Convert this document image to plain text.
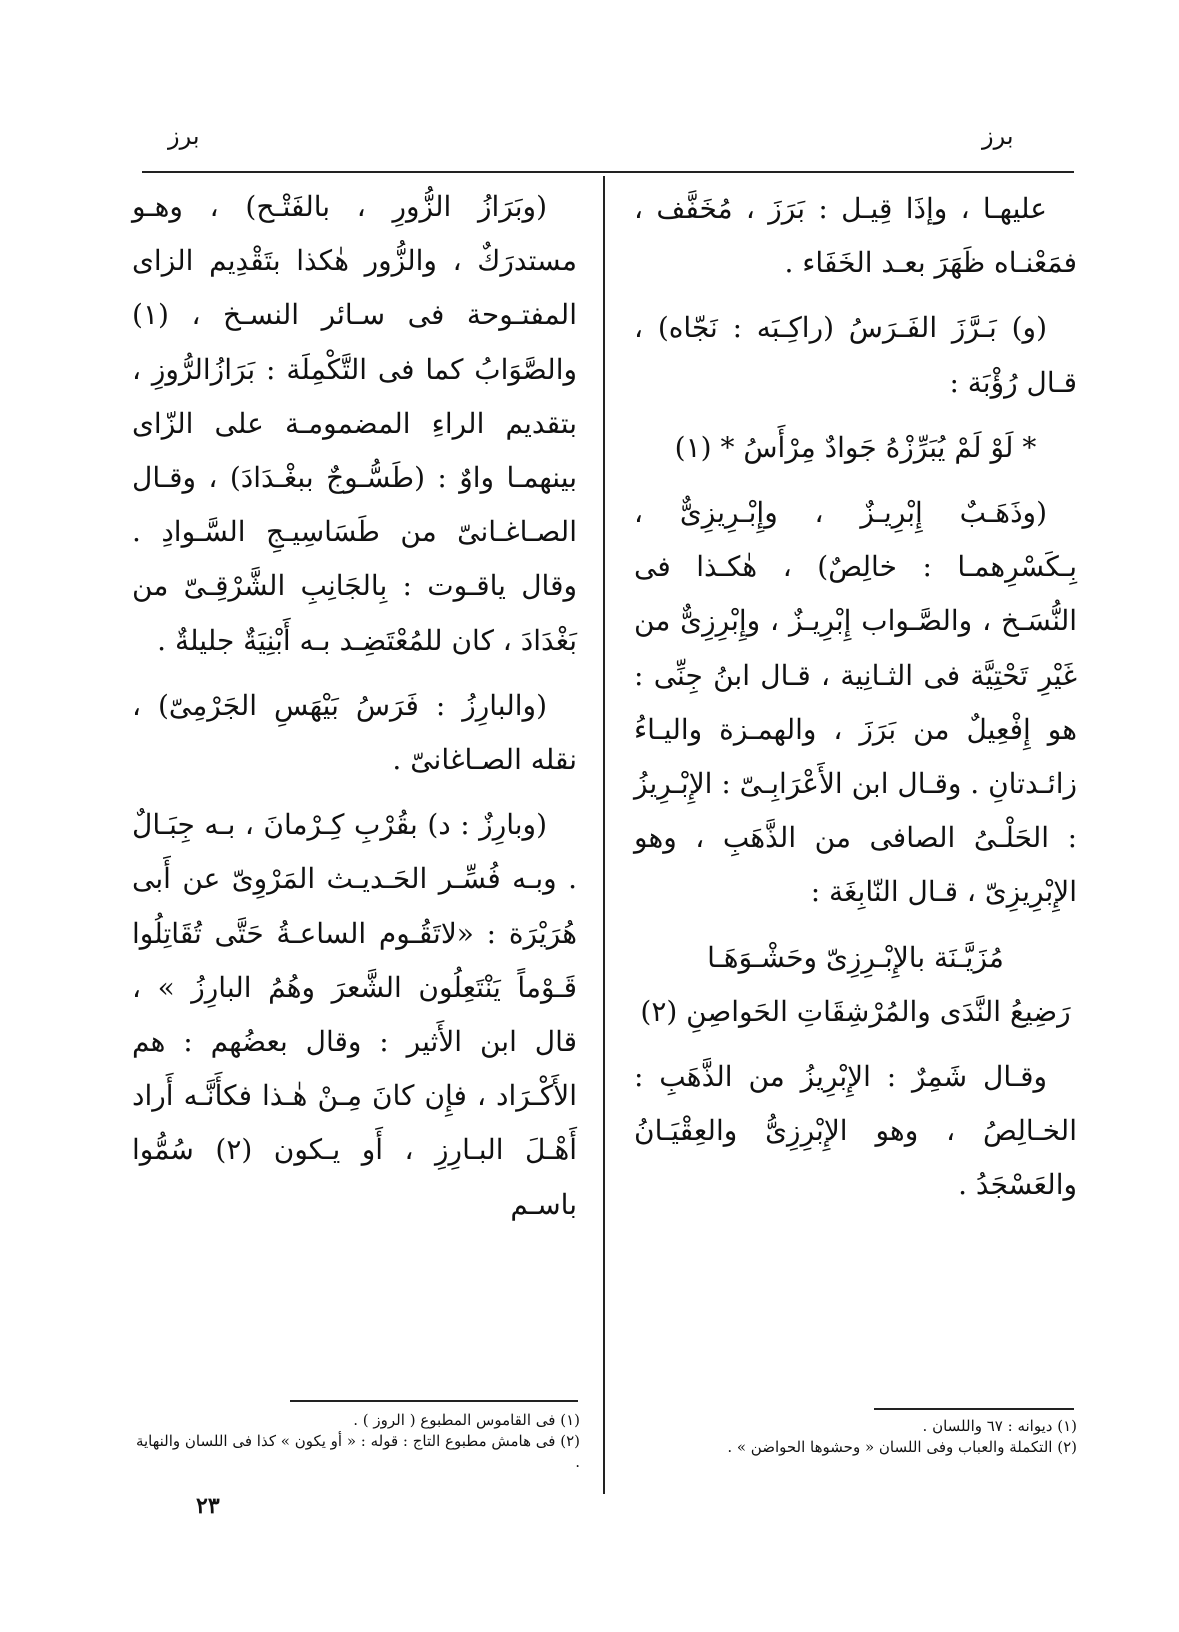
برز	برز

عليهـا ، وإذَا قِيـل : بَرَزَ ، مُخَفَّف ، فمَعْنـاه ظَهَرَ بعـد الخَفَاء .

(و) بَـرَّزَ الفَـرَسُ (راكِـبَه : نَجّاه) ، قـال رُؤْبَة :

* لَوْ لَمْ يُبَرِّزْهُ جَوادٌ مِرْأَسُ * (١)

(وذَهَـبٌ إِبْرِيـزٌ ، وإِبْـرِيزِىٌّ ، بِـكَسْرِهمـا : خالِصٌ) ، هٰكـذا فى النُّسَـخ ، والصَّـواب إِبْرِيـزٌ ، وإِبْرِزِىٌّ من غَيْرِ تَحْتِيَّة فى الثـانِية ، قـال ابنُ جِنِّى : هو إِفْعِيلٌ من بَرَزَ ، والهمـزة واليـاءُ زائـدتانِ . وقـال ابن الأَعْرَابِـىّ : الإِبْـرِيزُ : الحَلْـىُ الصافى من الذَّهَبِ ، وهو الإِبْرِيزِىّ ، قـال النّابِغَة :

مُزَيَّـنَة بالإِبْـرِزِىّ وحَشْـوَهَـا

رَضِيعُ النَّدَى والمُرْشِقَاتِ الحَواصِنِ (٢)

وقـال شَمِرٌ : الإِبْرِيزُ من الذَّهَبِ : الخـالِصُ ، وهو الإِبْرِزِىُّ والعِقْيَـانُ والعَسْجَدُ .

(وبَرَازُ الزُّورِ ، بالفَتْـح) ، وهـو مستدرَكٌ ، والزُّور هٰكذا بتَقْدِيم الزاى المفتـوحة فى سـائر النسـخ ، (١) والصَّوَابُ كما فى التَّكْمِلَة : بَرَازُالرُّوزِ ، بتقديم الراءِ المضمومـة على الزّاى بينهمـا واوٌ : (طَسُّـوجٌ ببغْـدَادَ) ، وقـال الصـاغـانىّ من طَسَاسِيـجِ السَّـوادِ . وقال ياقـوت : بِالجَانِبِ الشَّرْقِـىّ من بَغْدَادَ ، كان للمُعْتَضِـد بـه أَبْنِيَةٌ جليلةٌ .

(والبارِزُ : فَرَسُ بَيْهَسِ الجَرْمِىّ) ، نقله الصـاغانىّ .

(وبارِزٌ : د) بقُرْبِ كِـرْمانَ ، بـه جِبَـالٌ . وبـه فُسِّـر الحَـديـث المَرْوِىّ عن أَبى هُرَيْرَة : «لاتَقُـوم الساعـةُ حَتَّى تُقَاتِلُوا قَـوْماً يَنْتَعِلُون الشَّعرَ وهُمُ البارِزُ » ، قال ابن الأَثير : وقال بعضُهم : هم الأَكْـرَاد ، فإِن كانَ مِـنْ هٰـذا فكأَنَّـه أَراد أَهْـلَ البـارِزِ ، أَو يـكون (٢) سُمُّوا باسـم

(١) ديوانه : ٦٧ واللسان .

(٢) التكملة والعباب وفى اللسان « وحشوها الحواضن » .

(١) فى القاموس المطبوع ( الروز ) .

(٢) فى هامش مطبوع التاج : قوله : « أو يكون » كذا فى اللسان والنهاية .

٢٣
